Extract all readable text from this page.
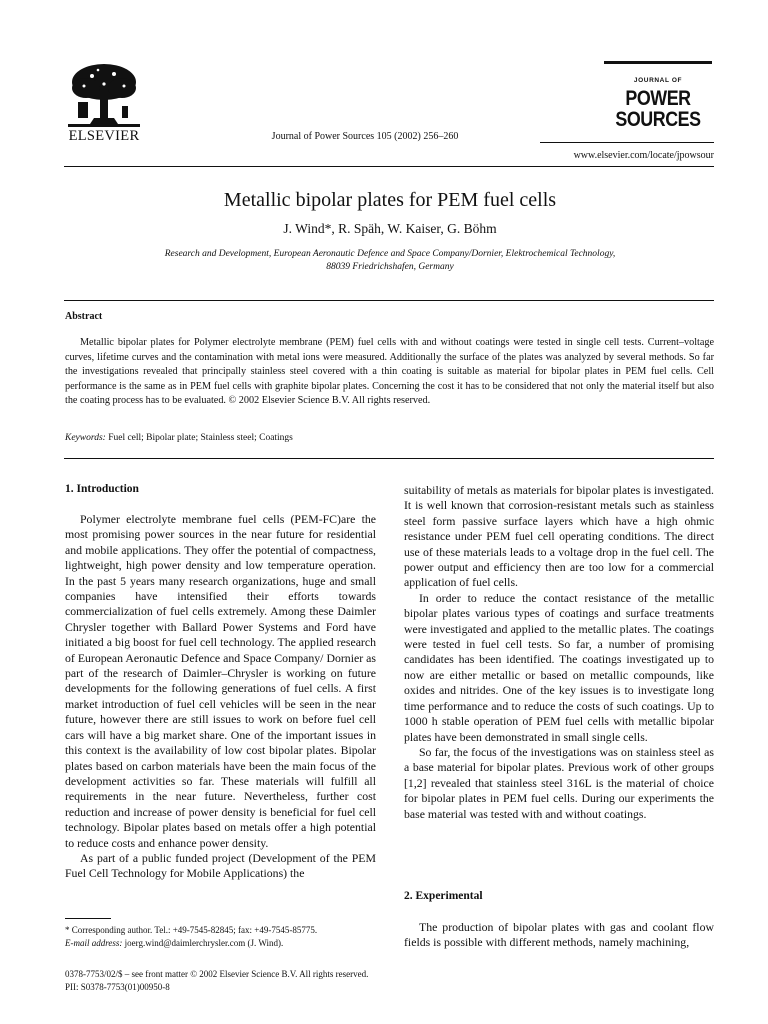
ELSEVIER	Journal of Power Sources 105 (2002) 256–260
JOURNAL OF
POWER
SOURCES
www.elsevier.com/locate/jpowsour
Metallic bipolar plates for PEM fuel cells
J. Wind*, R. Späh, W. Kaiser, G. Böhm
Research and Development, European Aeronautic Defence and Space Company/Dornier, Elektrochemical Technology,
88039 Friedrichshafen, Germany
Abstract
Metallic bipolar plates for Polymer electrolyte membrane (PEM) fuel cells with and without coatings were tested in single cell tests. Current–voltage curves, lifetime curves and the contamination with metal ions were measured. Additionally the surface of the plates was analyzed by several methods. So far the investigations revealed that principally stainless steel covered with a thin coating is suitable as material for bipolar plates in PEM fuel cells. Cell performance is the same as in PEM fuel cells with graphite bipolar plates. Concerning the cost it has to be considered that not only the material itself but also the coating process has to be evaluated. © 2002 Elsevier Science B.V. All rights reserved.
Keywords: Fuel cell; Bipolar plate; Stainless steel; Coatings
1. Introduction

Polymer electrolyte membrane fuel cells (PEM-FC)are the most promising power sources in the near future for residential and mobile applications. They offer the potential of compactness, lightweight, high power density and low temperature operation. In the past 5 years many research organizations, huge and small companies have intensified their efforts towards commercialization of fuel cells extremely. Among these Daimler Chrysler together with Ballard Power Systems and Ford have initiated a big boost for fuel cell technology. The applied research of European Aeronautic Defence and Space Company/ Dornier as part of the research of Daimler–Chrysler is working on future developments for the following generations of fuel cells. A first market introduction of fuel cell vehicles will be seen in the near future, however there are still issues to work on before fuel cell cars will have a big market share. One of the important issues in this context is the availability of low cost bipolar plates. Bipolar plates based on carbon materials have been the main focus of the development activities so far. These materials will fulfill all requirements in the near future. Nevertheless, further cost reduction and increase of power density is beneficial for fuel cell technology. Bipolar plates based on metals offer a high potential to reduce costs and enhance power density.

As part of a public funded project (Development of the PEM Fuel Cell Technology for Mobile Applications) the

suitability of metals as materials for bipolar plates is investigated. It is well known that corrosion-resistant metals such as stainless steel form passive surface layers which have a high ohmic resistance under PEM fuel cell operating conditions. The direct use of these materials leads to a voltage drop in the fuel cell. The power output and efficiency then are too low for a commercial application of fuel cells.

In order to reduce the contact resistance of the metallic bipolar plates various types of coatings and surface treatments were investigated and applied to the metallic plates. The coatings were tested in fuel cell tests. So far, a number of promising candidates has been identified. The coatings investigated up to now are either metallic or based on metallic compounds, like oxides and nitrides. One of the key issues is to investigate long time performance and to reduce the costs of such coatings. Up to 1000 h stable operation of PEM fuel cells with metallic bipolar plates have been demonstrated in small single cells.

So far, the focus of the investigations was on stainless steel as a base material for bipolar plates. Previous work of other groups [1,2] revealed that stainless steel 316L is the material of choice for bipolar plates in PEM fuel cells. During our experiments the base material was tested with and without coatings.

2. Experimental

The production of bipolar plates with gas and coolant flow fields is possible with different methods, namely machining,

* Corresponding author. Tel.: +49-7545-82845; fax: +49-7545-85775.
E-mail address: joerg.wind@daimlerchrysler.com (J. Wind).
0378-7753/02/$ – see front matter © 2002 Elsevier Science B.V. All rights reserved.
PII: S0378-7753(01)00950-8
